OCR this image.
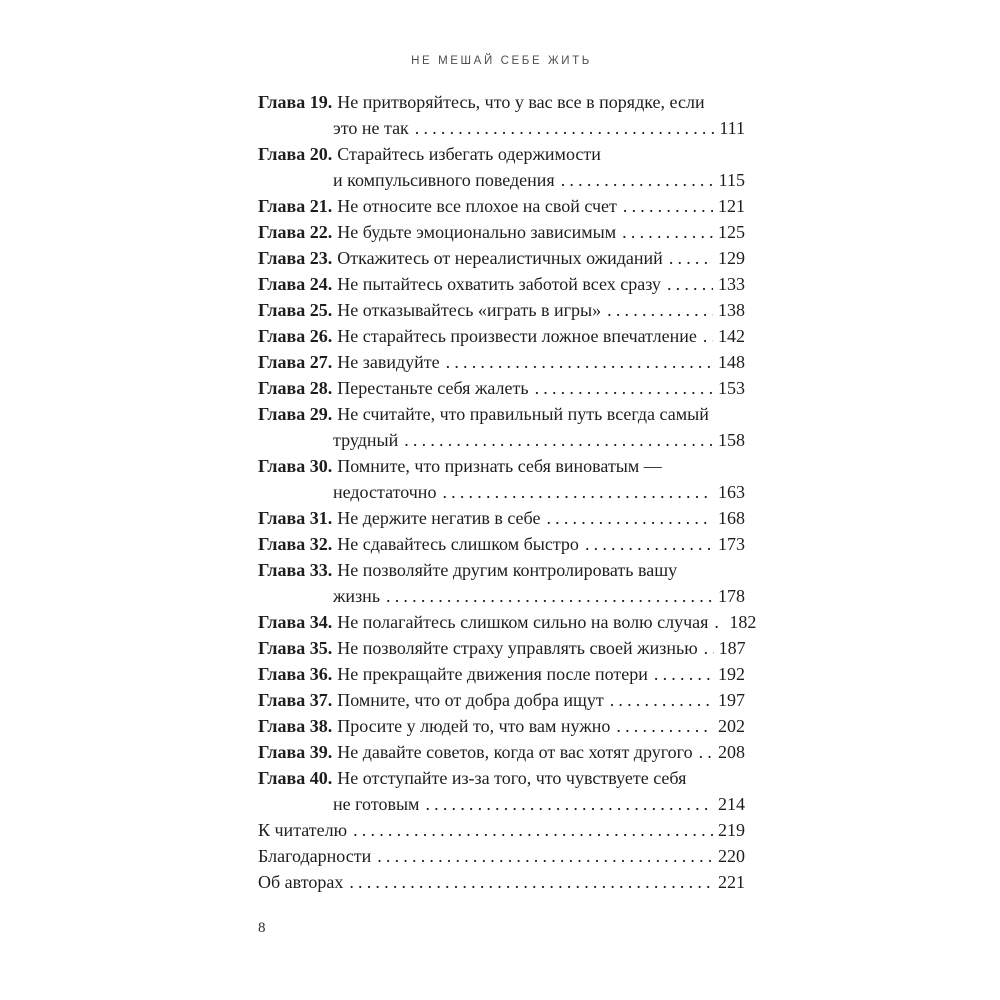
НЕ МЕШАЙ СЕБЕ ЖИТЬ
Глава 19. Не притворяйтесь, что у вас все в порядке, если
это не так .....	111
Глава 20. Старайтесь избегать одержимости
и компульсивного поведения .....	115
Глава 21. Не относите все плохое на свой счет .....	121
Глава 22. Не будьте эмоционально зависимым .....	125
Глава 23. Откажитесь от нереалистичных ожиданий .....	129
Глава 24. Не пытайтесь охватить заботой всех сразу .....	133
Глава 25. Не отказывайтесь «играть в игры» .....	138
Глава 26. Не старайтесь произвести ложное впечатление ..... 142
Глава 27. Не завидуйте .....	148
Глава 28. Перестаньте себя жалеть .....	153
Глава 29. Не считайте, что правильный путь всегда самый
трудный .....	158
Глава 30. Помните, что признать себя виноватым —
недостаточно .....	163
Глава 31. Не держите негатив в себе .....	168
Глава 32. Не сдавайтесь слишком быстро .....	173
Глава 33. Не позволяйте другим контролировать вашу
жизнь .....	178
Глава 34. Не полагайтесь слишком сильно на волю случая ..... 182
Глава 35. Не позволяйте страху управлять своей жизнью ..... 187
Глава 36. Не прекращайте движения после потери .....	192
Глава 37. Помните, что от добра добра ищут .....	197
Глава 38. Просите у людей то, что вам нужно .....	202
Глава 39. Не давайте советов, когда от вас хотят другого ..... 208
Глава 40. Не отступайте из-за того, что чувствуете себя
не готовым .....	214
К читателю .....	219
Благодарности .....	220
Об авторах .....	221
8
